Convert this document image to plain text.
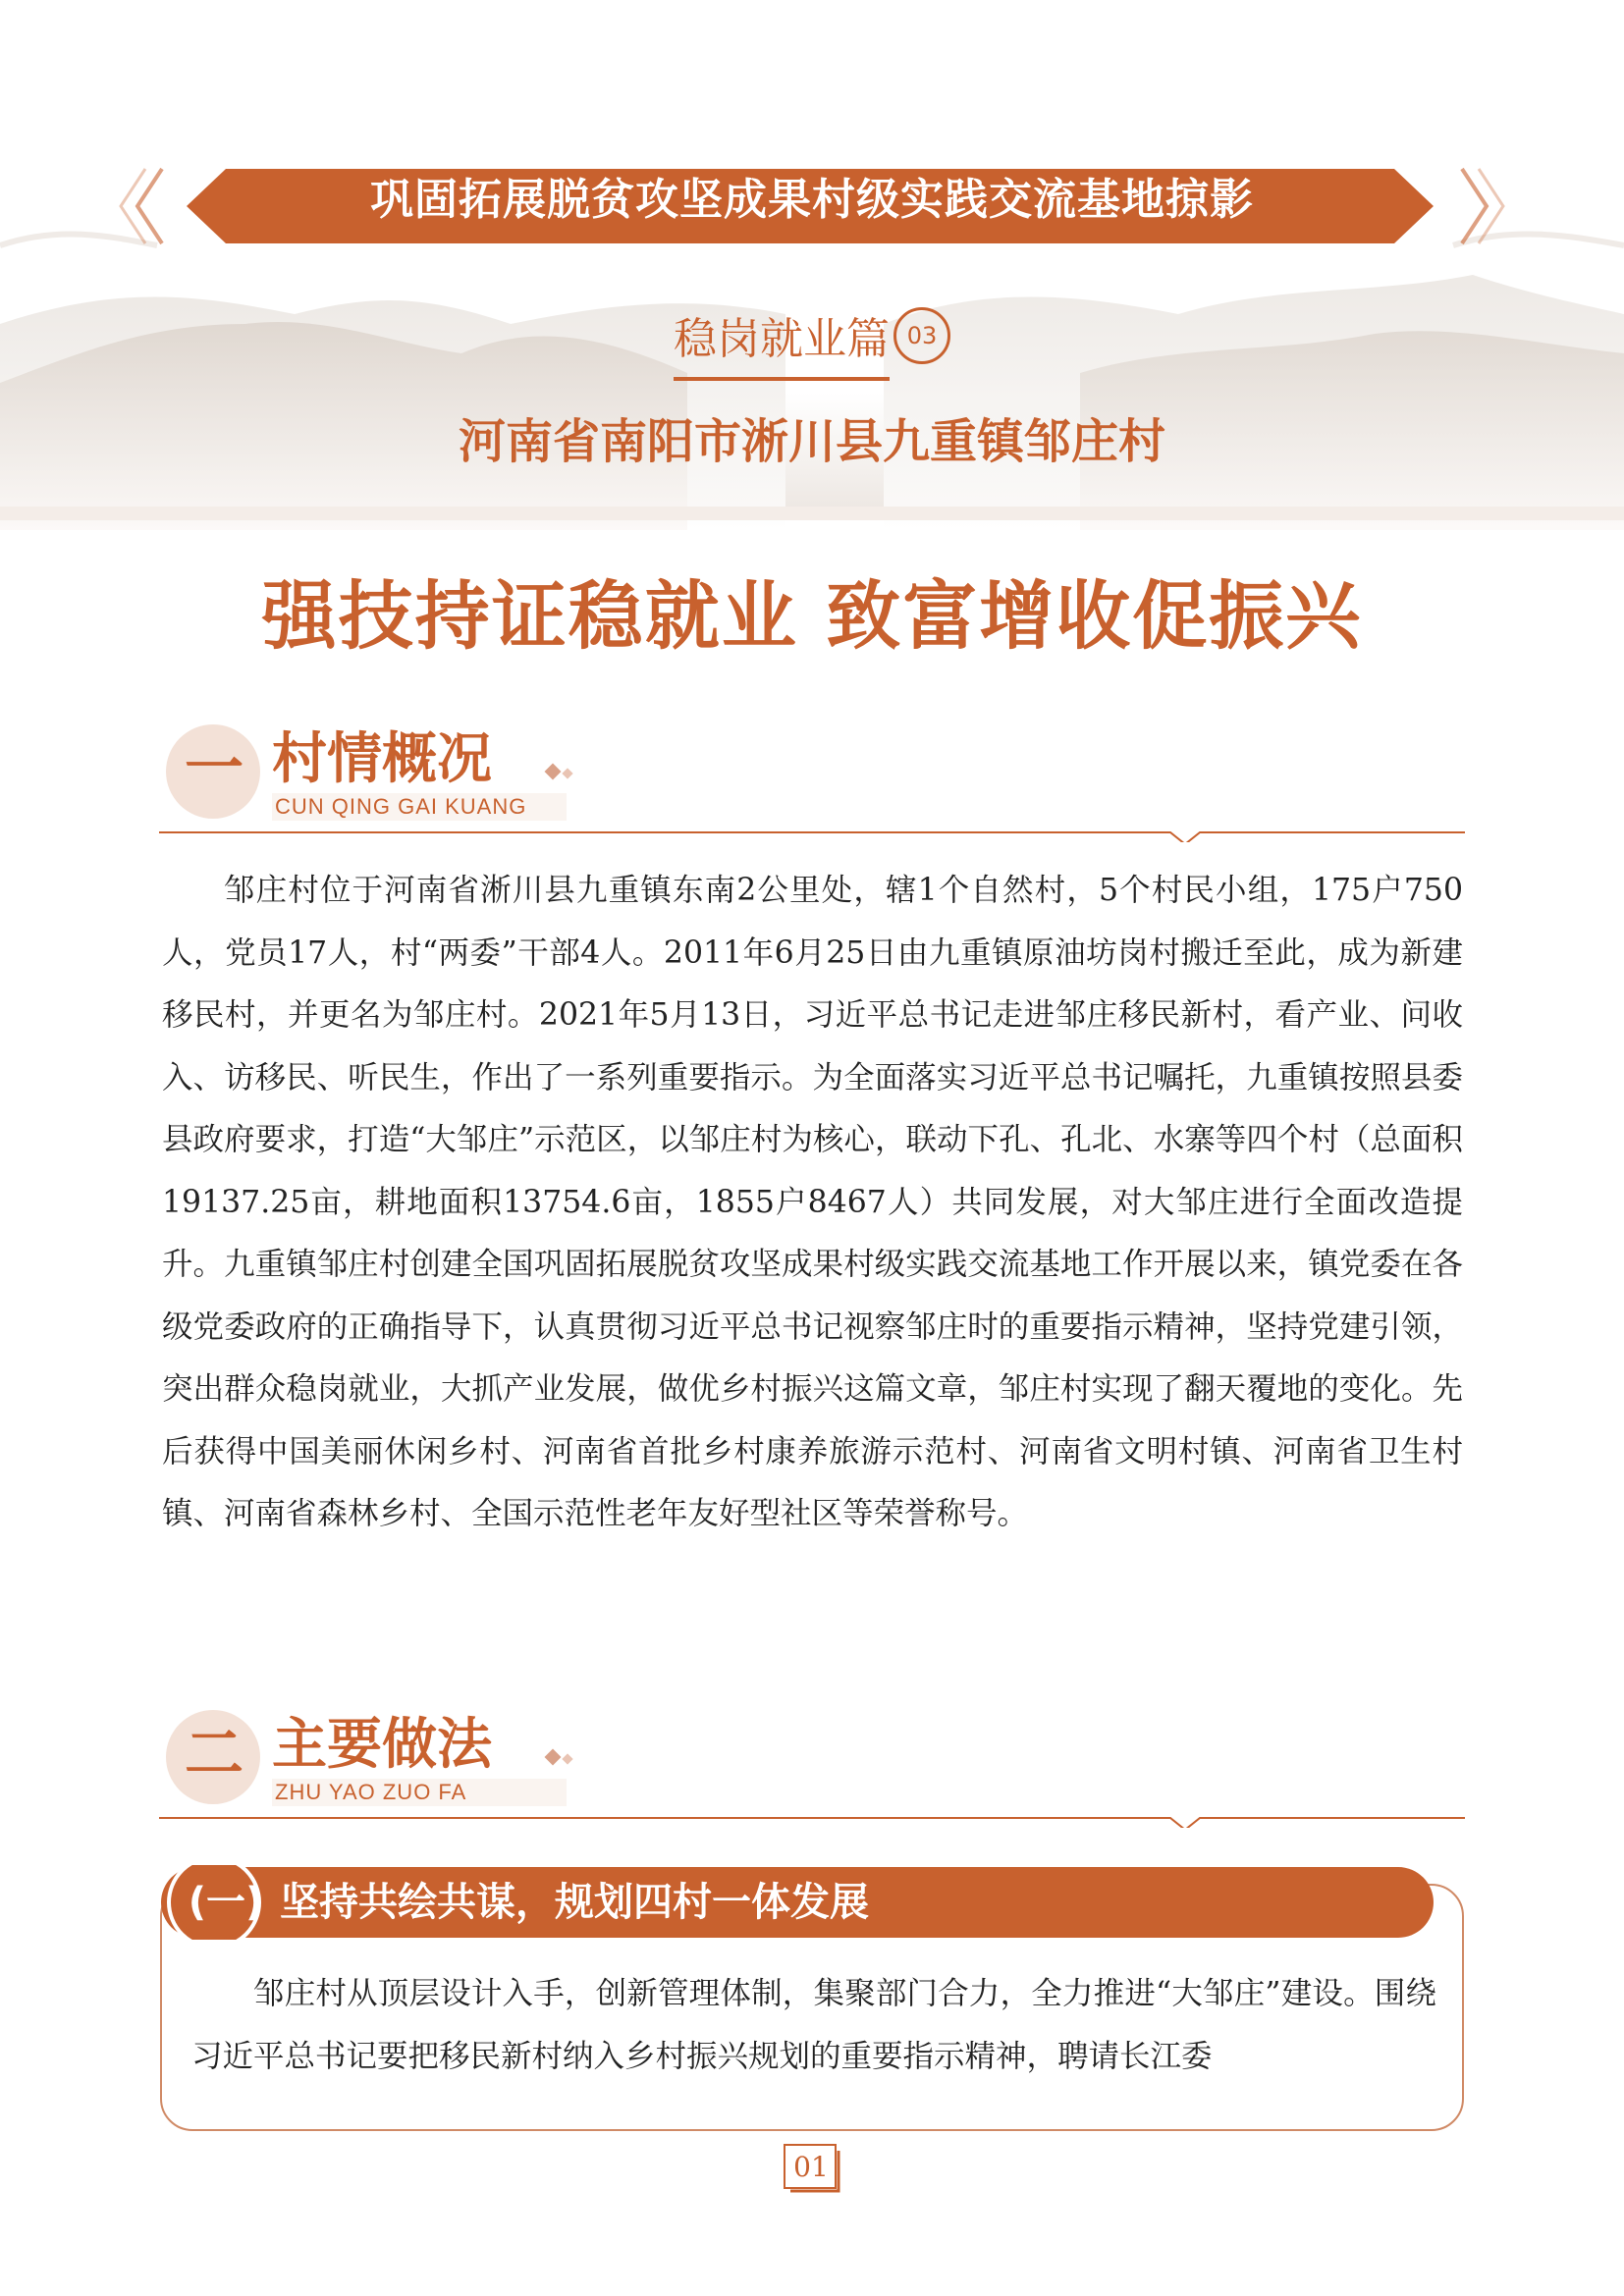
巩固拓展脱贫攻坚成果村级实践交流基地掠影
稳岗就业篇 03
河南省南阳市淅川县九重镇邹庄村
强技持证稳就业 致富增收促振兴
一 村情概况
CUN QING GAI KUANG

邹庄村位于河南省淅川县九重镇东南2公里处，辖1个自然村，5个村民小组，175户750人，党员17人，村“两委”干部4人。2011年6月25日由九重镇原油坊岗村搬迁至此，成为新建移民村，并更名为邹庄村。2021年5月13日，习近平总书记走进邹庄移民新村，看产业、问收入、访移民、听民生，作出了一系列重要指示。为全面落实习近平总书记嘱托，九重镇按照县委县政府要求，打造“大邹庄”示范区，以邹庄村为核心，联动下孔、孔北、水寨等四个村（总面积19137.25亩，耕地面积13754.6亩，1855户8467人）共同发展，对大邹庄进行全面改造提升。九重镇邹庄村创建全国巩固拓展脱贫攻坚成果村级实践交流基地工作开展以来，镇党委在各级党委政府的正确指导下，认真贯彻习近平总书记视察邹庄时的重要指示精神，坚持党建引领，突出群众稳岗就业，大抓产业发展，做优乡村振兴这篇文章，邹庄村实现了翻天覆地的变化。先后获得中国美丽休闲乡村、河南省首批乡村康养旅游示范村、河南省文明村镇、河南省卫生村镇、河南省森林乡村、全国示范性老年友好型社区等荣誉称号。

二 主要做法
ZHU YAO ZUO FA
(一) 坚持共绘共谋，规划四村一体发展

邹庄村从顶层设计入手，创新管理体制，集聚部门合力，全力推进“大邹庄”建设。围绕习近平总书记要把移民新村纳入乡村振兴规划的重要指示精神，聘请长江委

01
